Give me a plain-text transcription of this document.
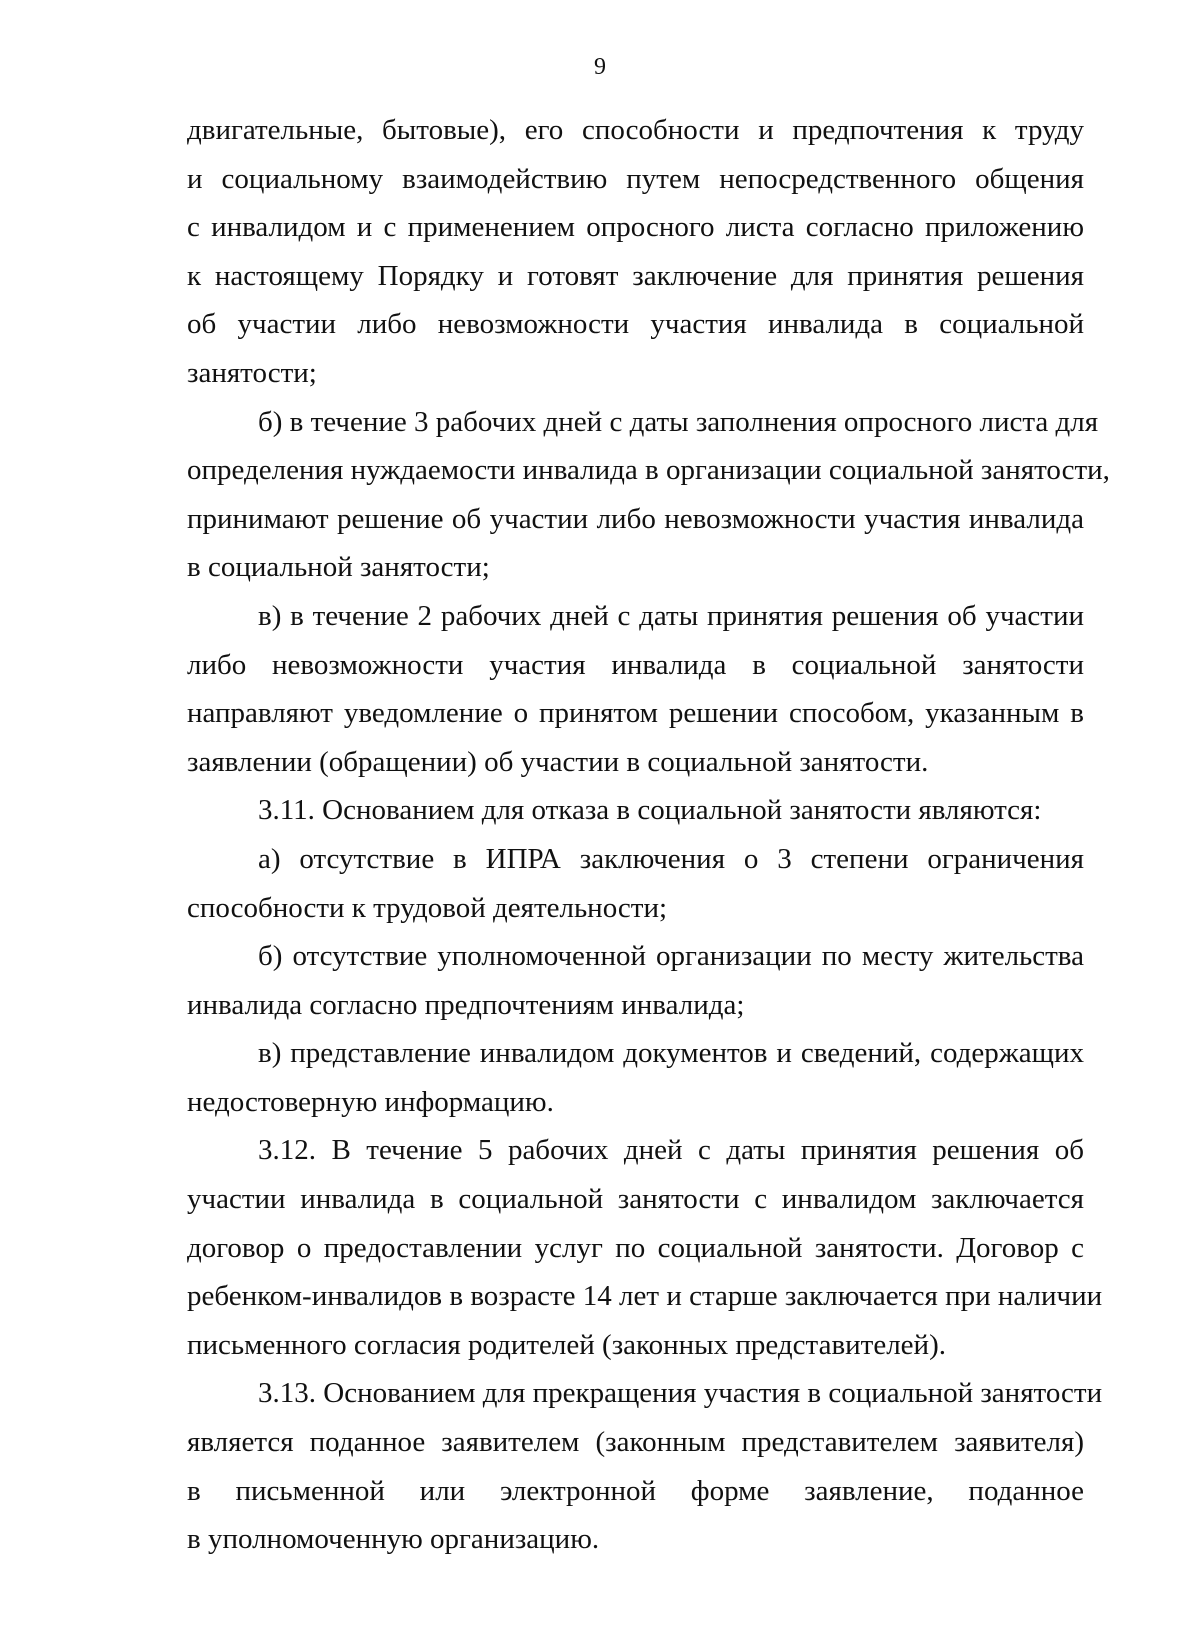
9
двигательные, бытовые), его способности и предпочтения к труду
и социальному взаимодействию путем непосредственного общения
с инвалидом и с применением опросного листа согласно приложению
к настоящему Порядку и готовят заключение для принятия решения
об участии либо невозможности участия инвалида в социальной
занятости;
б) в течение 3 рабочих дней с даты заполнения опросного листа для
определения нуждаемости инвалида в организации социальной занятости,
принимают решение об участии либо невозможности участия инвалида
в социальной занятости;
в) в течение 2 рабочих дней с даты принятия решения об участии
либо невозможности участия инвалида в социальной занятости
направляют уведомление о принятом решении способом, указанным в
заявлении (обращении) об участии в социальной занятости.
3.11. Основанием для отказа в социальной занятости являются:
а) отсутствие в ИПРА заключения о 3 степени ограничения
способности к трудовой деятельности;
б) отсутствие уполномоченной организации по месту жительства
инвалида согласно предпочтениям инвалида;
в) представление инвалидом документов и сведений, содержащих
недостоверную информацию.
3.12. В течение 5 рабочих дней с даты принятия решения об
участии инвалида в социальной занятости с инвалидом заключается
договор о предоставлении услуг по социальной занятости. Договор с
ребенком-инвалидов в возрасте 14 лет и старше заключается при наличии
письменного согласия родителей (законных представителей).
3.13. Основанием для прекращения участия в социальной занятости
является поданное заявителем (законным представителем заявителя)
в письменной или электронной форме заявление, поданное
в уполномоченную организацию.
